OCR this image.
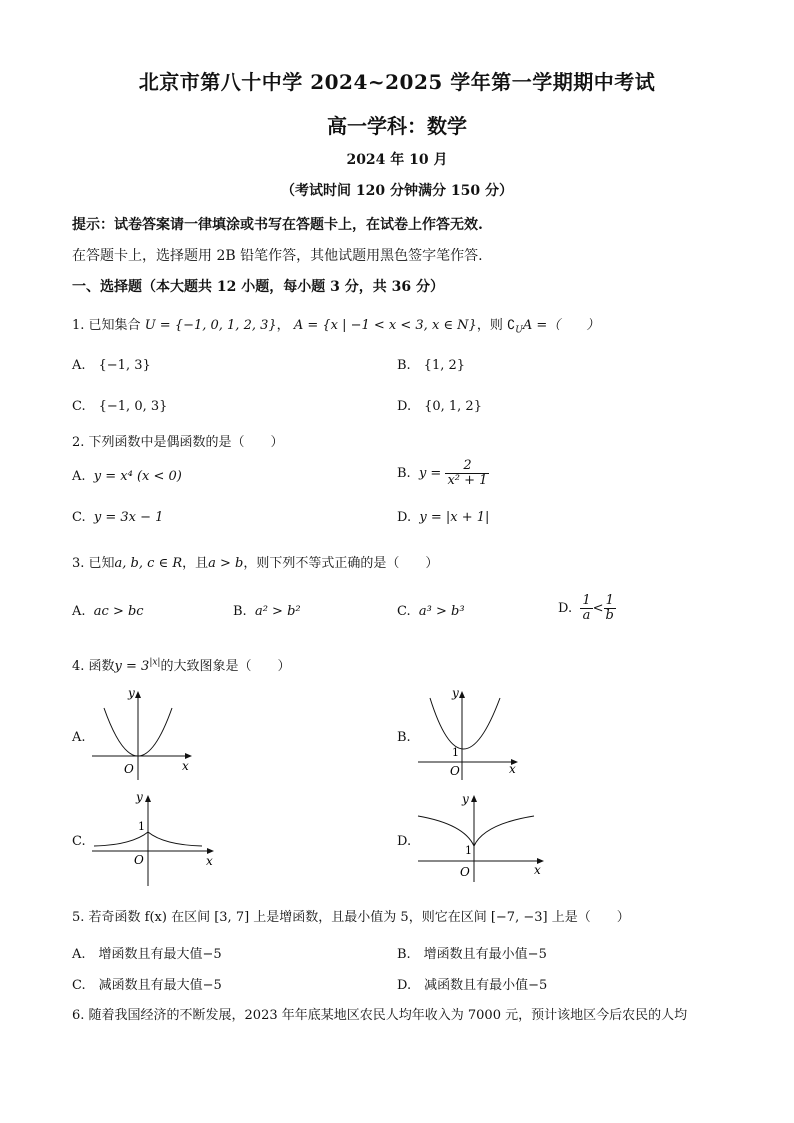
北京市第八十中学 2024~2025 学年第一学期期中考试
高一学科：数学
2024 年 10 月
（考试时间 120 分钟满分 150 分）
提示：试卷答案请一律填涂或书写在答题卡上，在试卷上作答无效.
在答题卡上，选择题用 2B 铅笔作答，其他试题用黑色签字笔作答.
一、选择题（本大题共 12 小题，每小题 3 分，共 36 分）
1. 已知集合 U = {−1, 0, 1, 2, 3}， A = {x | −1 < x < 3, x ∈ N}，则 $∁_UA$ =（　　）
A.　{−1, 3}	B.　{1, 2}
C.　{−1, 0, 3}	D.　{0, 1, 2}
2. 下列函数中是偶函数的是（　　）
A. y = x⁴ (x < 0)	B. $y = \frac{2}{\text{x² + 1}}$
C. y = 3x − 1	D. y = |x + 1|
3. 已知a, b, c ∈ R，且a > b，则下列不等式正确的是（　　）
A. ac > bc	B. a² > b²	C. a³ > b³	D. $\frac{1}{a} < \frac{1}{b}$
4. 函数$y = 3^{|x|}$的大致图象是（　　）
A.	B.
C.	D.
y
x
O
y
x
O
1
y
x
O
1
y
x
O
1
5. 若奇函数 f(x) 在区间 [3, 7] 上是增函数，且最小值为 5，则它在区间 [−7, −3] 上是（　　）
A.　增函数且有最大值−5	B.　增函数且有最小值−5
C.　减函数且有最大值−5	D.　减函数且有最小值−5
6. 随着我国经济的不断发展，2023 年年底某地区农民人均年收入为 7000 元，预计该地区今后农民的人均
